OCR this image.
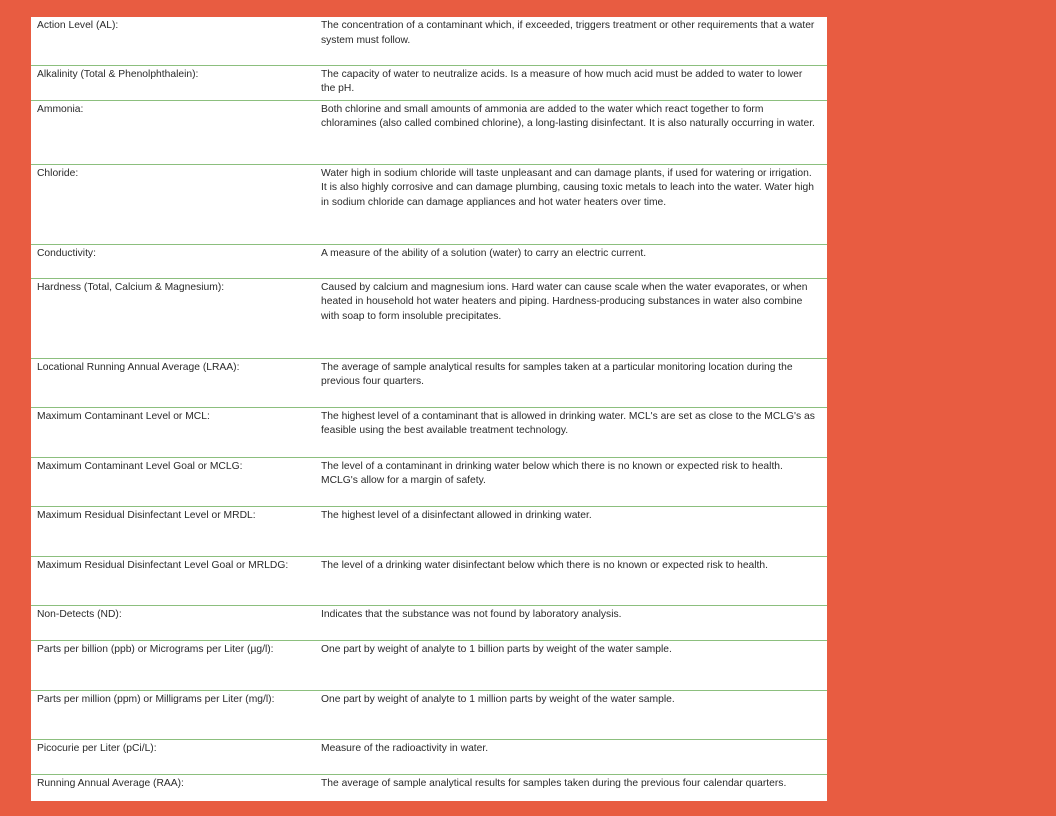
Action Level (AL):	The concentration of a contaminant which, if exceeded, triggers treatment or other requirements that a water system must follow.
Alkalinity (Total & Phenolphthalein):	The capacity of water to neutralize acids. Is a measure of how much acid must be added to water to lower the pH.
Ammonia:	Both chlorine and small amounts of ammonia are added to the water which react together to form chloramines (also called combined chlorine), a long-lasting disinfectant. It is also naturally occurring in water.
Chloride:	Water high in sodium chloride will taste unpleasant and can damage plants, if used for watering or irrigation. It is also highly corrosive and can damage plumbing, causing toxic metals to leach into the water. Water high in sodium chloride can damage appliances and hot water heaters over time.
Conductivity:	A measure of the ability of a solution (water) to carry an electric current.
Hardness (Total, Calcium & Magnesium):	Caused by calcium and magnesium ions. Hard water can cause scale when the water evaporates, or when heated in household hot water heaters and piping. Hardness-producing substances in water also combine with soap to form insoluble precipitates.
Locational Running Annual Average (LRAA):	The average of sample analytical results for samples taken at a particular monitoring location during the previous four quarters.
Maximum Contaminant Level or MCL:	The highest level of a contaminant that is allowed in drinking water. MCL's are set as close to the MCLG's as feasible using the best available treatment technology.
Maximum Contaminant Level Goal or MCLG:	The level of a contaminant in drinking water below which there is no known or expected risk to health. MCLG's allow for a margin of safety.
Maximum Residual Disinfectant Level or MRDL:	The highest level of a disinfectant allowed in drinking water.
Maximum Residual Disinfectant Level Goal or MRLDG:	The level of a drinking water disinfectant below which there is no known or expected risk to health.
Non-Detects (ND):	Indicates that the substance was not found by laboratory analysis.
Parts per billion (ppb) or Micrograms per Liter (µg/l):	One part by weight of analyte to 1 billion parts by weight of the water sample.
Parts per million (ppm) or Milligrams per Liter (mg/l):	One part by weight of analyte to 1 million parts by weight of the water sample.
Picocurie per Liter (pCi/L):	Measure of the radioactivity in water.
Running Annual Average (RAA):	The average of sample analytical results for samples taken during the previous four calendar quarters.
